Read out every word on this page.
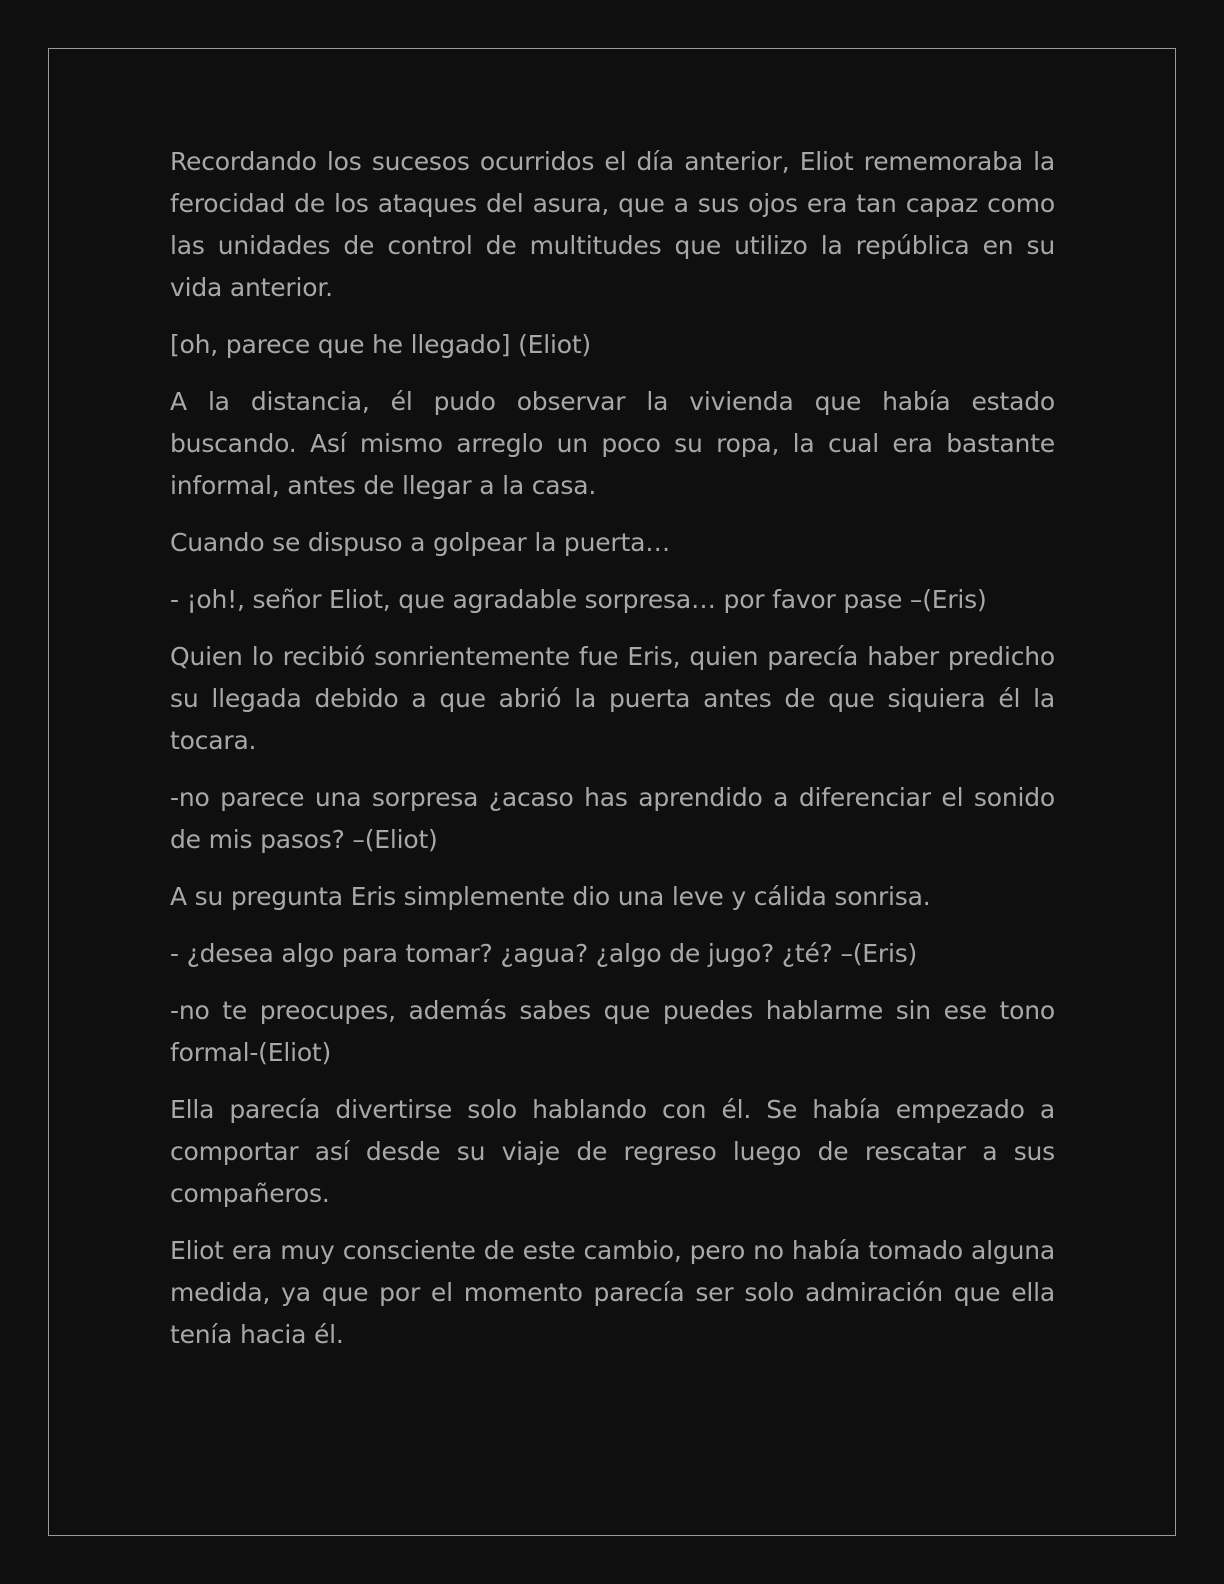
Recordando los sucesos ocurridos el día anterior, Eliot rememoraba la ferocidad de los ataques del asura, que a sus ojos era tan capaz como las unidades de control de multitudes que utilizo la república en su vida anterior.

[oh, parece que he llegado] (Eliot)

A la distancia, él pudo observar la vivienda que había estado buscando. Así mismo arreglo un poco su ropa, la cual era bastante informal, antes de llegar a la casa.

Cuando se dispuso a golpear la puerta…

- ¡oh!, señor Eliot, que agradable sorpresa… por favor pase –(Eris)

Quien lo recibió sonrientemente fue Eris, quien parecía haber predicho su llegada debido a que abrió la puerta antes de que siquiera él la tocara.

-no parece una sorpresa ¿acaso has aprendido a diferenciar el sonido de mis pasos? –(Eliot)

A su pregunta Eris simplemente dio una leve y cálida sonrisa.

- ¿desea algo para tomar? ¿agua? ¿algo de jugo? ¿té? –(Eris)

-no te preocupes, además sabes que puedes hablarme sin ese tono formal-(Eliot)

Ella parecía divertirse solo hablando con él. Se había empezado a comportar así desde su viaje de regreso luego de rescatar a sus compañeros.

Eliot era muy consciente de este cambio, pero no había tomado alguna medida, ya que por el momento parecía ser solo admiración que ella tenía hacia él.
